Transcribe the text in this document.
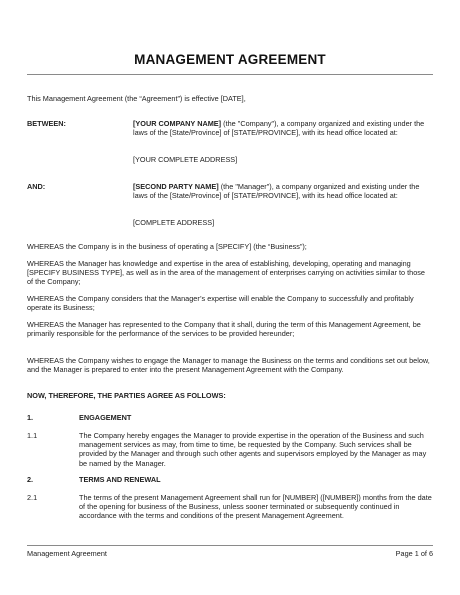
MANAGEMENT AGREEMENT
This Management Agreement (the “Agreement”) is effective [DATE],
BETWEEN:	[YOUR COMPANY NAME] (the "Company"), a company organized and existing under the laws of the [State/Province] of [STATE/PROVINCE], with its head office located at:
[YOUR COMPLETE ADDRESS]
AND:	[SECOND PARTY NAME] (the "Manager"), a company organized and existing under the laws of the [State/Province] of [STATE/PROVINCE], with its head office located at:
[COMPLETE ADDRESS]
WHEREAS the Company is in the business of operating a [SPECIFY] (the “Business”);
WHEREAS the Manager has knowledge and expertise in the area of establishing, developing, operating and managing [SPECIFY BUSINESS TYPE], as well as in the area of the management of enterprises carrying on activities similar to those of the Company;
WHEREAS the Company considers that the Manager’s expertise will enable the Company to successfully and profitably operate its Business;
WHEREAS the Manager has represented to the Company that it shall, during the term of this Management Agreement, be primarily responsible for the performance of the services to be provided hereunder;
WHEREAS the Company wishes to engage the Manager to manage the Business on the terms and conditions set out below, and the Manager is prepared to enter into the present Management Agreement with the Company.
NOW, THEREFORE, THE PARTIES AGREE AS FOLLOWS:
1.	ENGAGEMENT
1.1	The Company hereby engages the Manager to provide expertise in the operation of the Business and such management services as may, from time to time, be requested by the Company. Such services shall be provided by the Manager and through such other agents and supervisors employed by the Manager as may be named by the Manager.
2.	TERMS AND RENEWAL
2.1	The terms of the present Management Agreement shall run for [NUMBER] ([NUMBER]) months from the date of the opening for business of the Business, unless sooner terminated or subsequently continued in accordance with the terms and conditions of the present Management Agreement.
Management Agreement	Page 1 of 6
